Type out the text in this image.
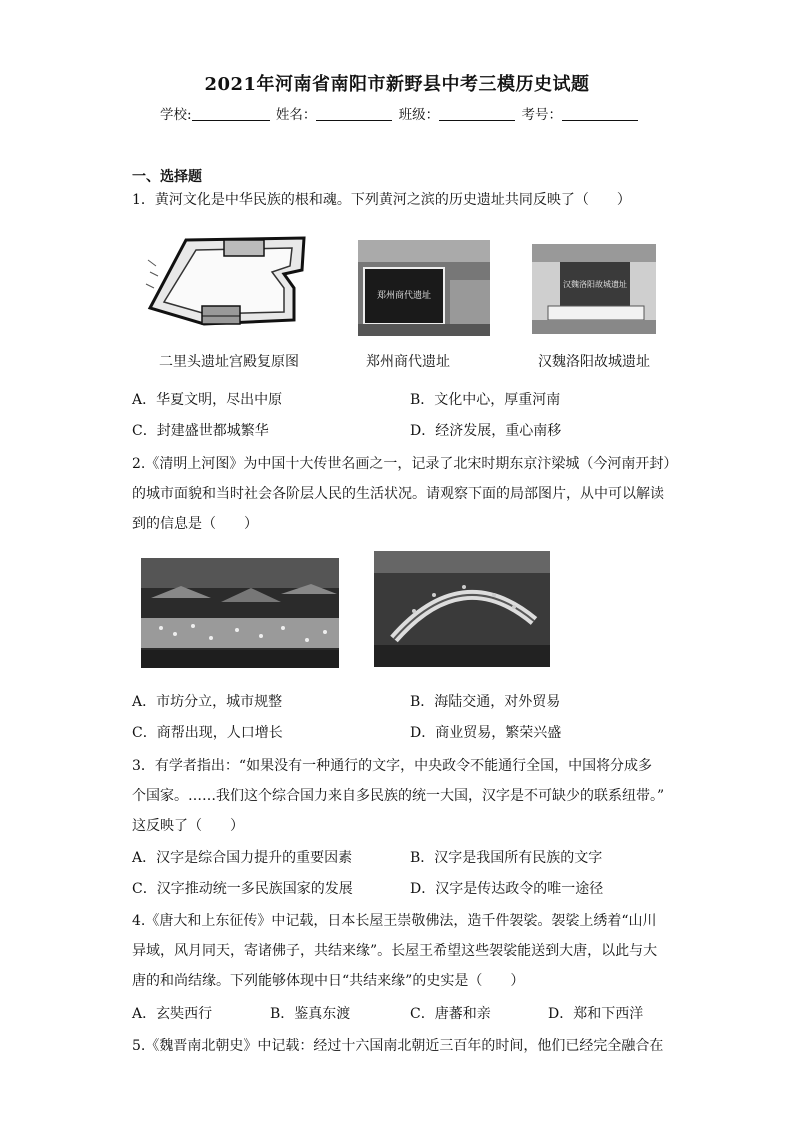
2021年河南省南阳市新野县中考三模历史试题
学校:	姓名：	班级：	考号：
一、选择题
1．黄河文化是中华民族的根和魂。下列黄河之滨的历史遗址共同反映了（　　）
二里头遗址宫殿复原图
郑州商代遗址
郑州商代遗址
汉魏洛阳故城遗址
汉魏洛阳故城遗址
A．华夏文明，尽出中原	B．文化中心，厚重河南
C．封建盛世都城繁华	D．经济发展，重心南移
2.《清明上河图》为中国十大传世名画之一，记录了北宋时期东京汴梁城（今河南开封）
的城市面貌和当时社会各阶层人民的生活状况。请观察下面的局部图片，从中可以解读
到的信息是（　　）
A．市坊分立，城市规整	B．海陆交通，对外贸易
C．商帮出现，人口增长	D．商业贸易，繁荣兴盛
3．有学者指出：“如果没有一种通行的文字，中央政令不能通行全国，中国将分成多
个国家。……我们这个综合国力来自多民族的统一大国，汉字是不可缺少的联系纽带。”
这反映了（　　）
A．汉字是综合国力提升的重要因素	B．汉字是我国所有民族的文字
C．汉字推动统一多民族国家的发展	D．汉字是传达政令的唯一途径
4.《唐大和上东征传》中记载，日本长屋王崇敬佛法，造千件袈裟。袈裟上绣着“山川
异域，风月同天，寄诸佛子，共结来缘”。长屋王希望这些袈裟能送到大唐，以此与大
唐的和尚结缘。下列能够体现中日“共结来缘”的史实是（　　）
A．玄奘西行	B．鉴真东渡	C．唐蕃和亲	D．郑和下西洋
5.《魏晋南北朝史》中记载：经过十六国南北朝近三百年的时间，他们已经完全融合在
